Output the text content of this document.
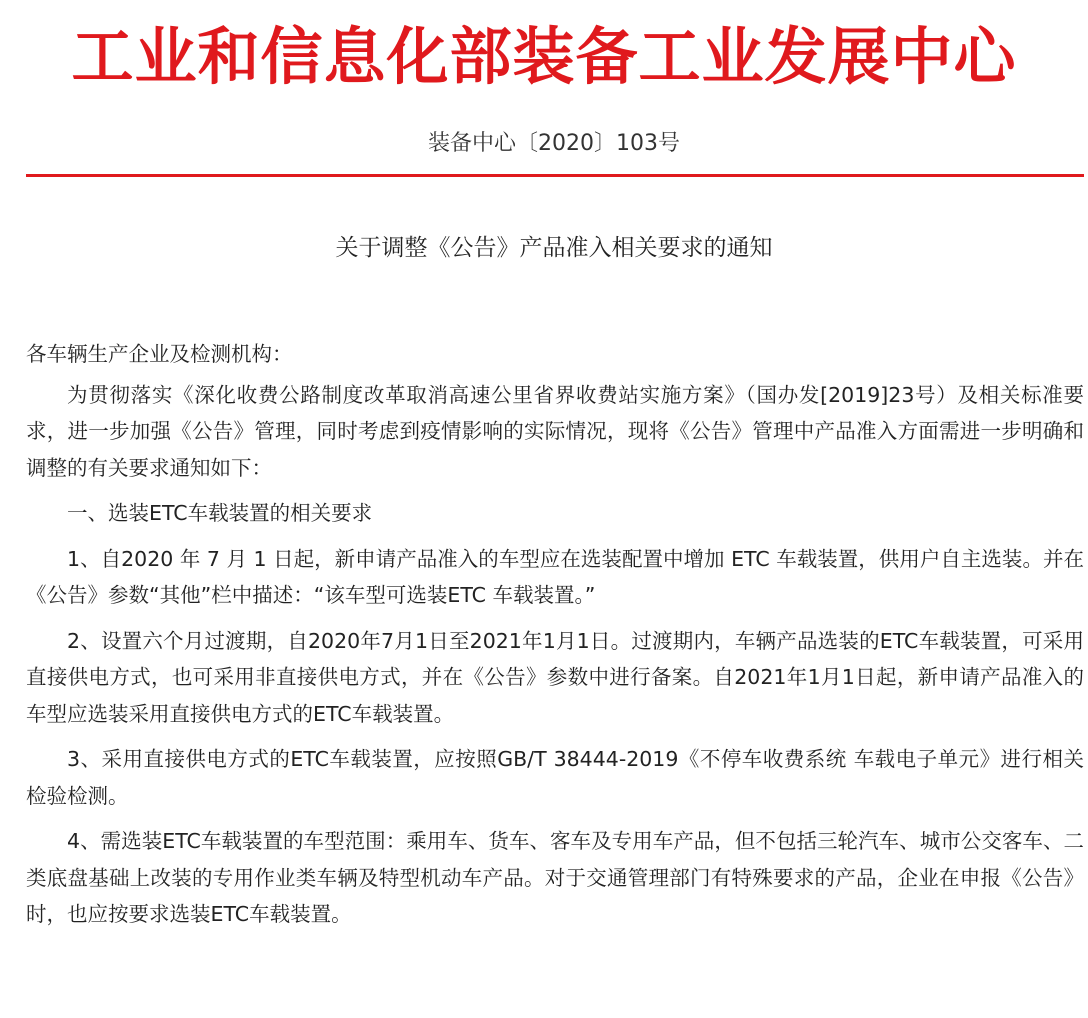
工业和信息化部装备工业发展中心
装备中心〔2020〕103号
关于调整《公告》产品准入相关要求的通知

各车辆生产企业及检测机构：

为贯彻落实《深化收费公路制度改革取消高速公里省界收费站实施方案》（国办发[2019]23号）及相关标准要求，进一步加强《公告》管理，同时考虑到疫情影响的实际情况，现将《公告》管理中产品准入方面需进一步明确和调整的有关要求通知如下：

一、选装ETC车载装置的相关要求

1、自2020 年 7 月 1 日起，新申请产品准入的车型应在选装配置中增加 ETC 车载装置，供用户自主选装。并在《公告》参数“其他”栏中描述：“该车型可选装ETC 车载装置。”

2、设置六个月过渡期，自2020年7月1日至2021年1月1日。过渡期内，车辆产品选装的ETC车载装置，可采用直接供电方式，也可采用非直接供电方式，并在《公告》参数中进行备案。自2021年1月1日起，新申请产品准入的车型应选装采用直接供电方式的ETC车载装置。

3、采用直接供电方式的ETC车载装置，应按照GB/T 38444-2019《不停车收费系统 车载电子单元》进行相关检验检测。

4、需选装ETC车载装置的车型范围：乘用车、货车、客车及专用车产品，但不包括三轮汽车、城市公交客车、二类底盘基础上改装的专用作业类车辆及特型机动车产品。对于交通管理部门有特殊要求的产品，企业在申报《公告》时，也应按要求选装ETC车载装置。
